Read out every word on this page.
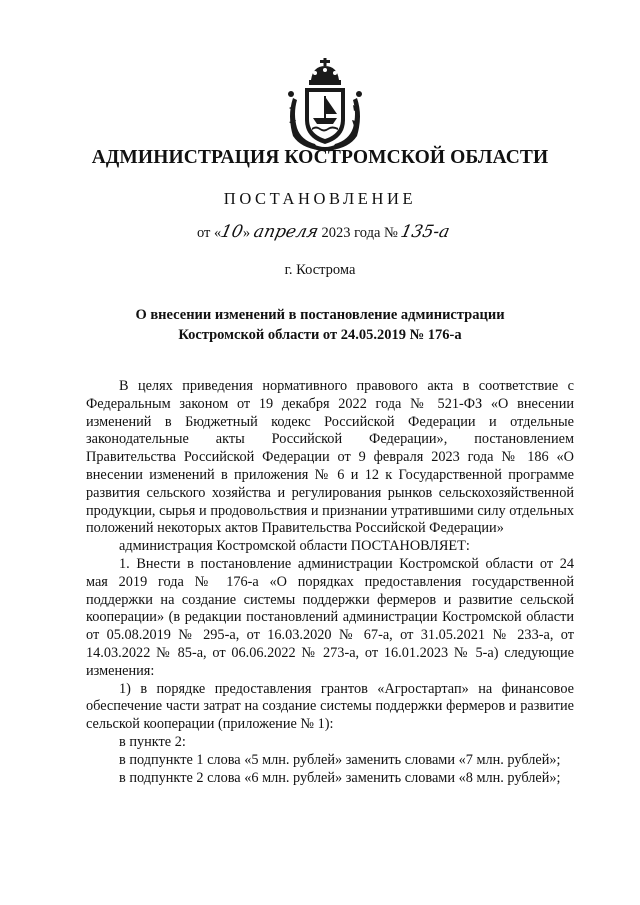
АДМИНИСТРАЦИЯ КОСТРОМСКОЙ ОБЛАСТИ
ПОСТАНОВЛЕНИЕ
от «10» апреля 2023 года № 135-а
г. Кострома
О внесении изменений в постановление администрации
Костромской области от 24.05.2019 № 176-а

В целях приведения нормативного правового акта в соответствие с Федеральным законом от 19 декабря 2022 года № 521-ФЗ «О внесении изменений в Бюджетный кодекс Российской Федерации и отдельные законодательные акты Российской Федерации», постановлением Правительства Российской Федерации от 9 февраля 2023 года № 186 «О внесении изменений в приложения № 6 и 12 к Государственной программе развития сельского хозяйства и регулирования рынков сельскохозяйственной продукции, сырья и продовольствия и признании утратившими силу отдельных положений некоторых актов Правительства Российской Федерации»

администрация Костромской области ПОСТАНОВЛЯЕТ:

1. Внести в постановление администрации Костромской области от 24 мая 2019 года № 176-а «О порядках предоставления государственной поддержки на создание системы поддержки фермеров и развитие сельской кооперации» (в редакции постановлений администрации Костромской области от 05.08.2019 № 295-а, от 16.03.2020 № 67-а, от 31.05.2021 № 233-а, от 14.03.2022 № 85-а, от 06.06.2022 № 273-а, от 16.01.2023 № 5-а) следующие изменения:

1) в порядке предоставления грантов «Агростартап» на финансовое обеспечение части затрат на создание системы поддержки фермеров и развитие сельской кооперации (приложение № 1):

в пункте 2:

в подпункте 1 слова «5 млн. рублей» заменить словами «7 млн. рублей»;

в подпункте 2 слова «6 млн. рублей» заменить словами «8 млн. рублей»;
